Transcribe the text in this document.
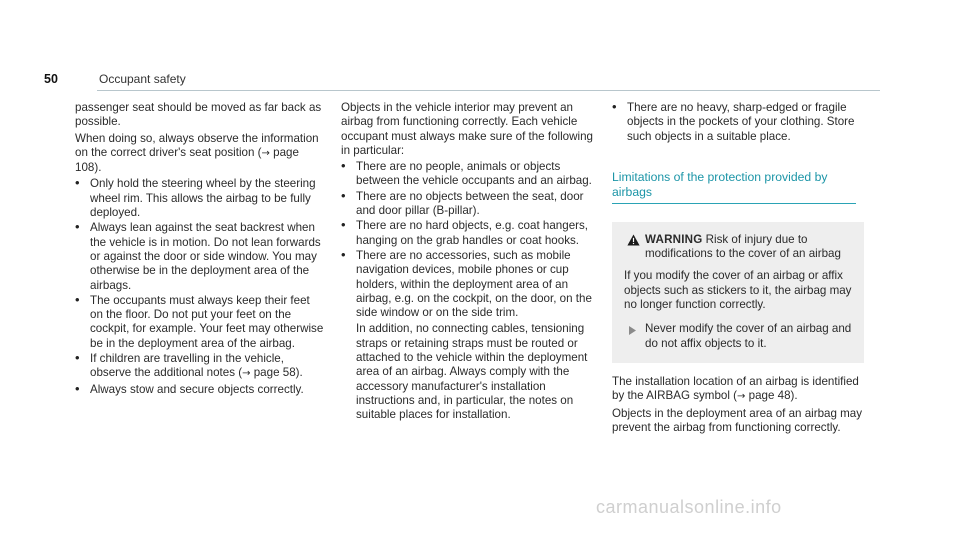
50	Occupant safety

passenger seat should be moved as far back as possible.

When doing so, always observe the information on the correct driver's seat position (→ page 108).

• Only hold the steering wheel by the steering wheel rim. This allows the airbag to be fully deployed.
• Always lean against the seat backrest when the vehicle is in motion. Do not lean forwards or against the door or side window. You may otherwise be in the deployment area of the airbags.
• The occupants must always keep their feet on the floor. Do not put your feet on the cockpit, for example. Your feet may otherwise be in the deployment area of the airbag.
• If children are travelling in the vehicle, observe the additional notes (→ page 58).
• Always stow and secure objects correctly.

Objects in the vehicle interior may prevent an airbag from functioning correctly. Each vehicle occupant must always make sure of the following in particular:

• There are no people, animals or objects between the vehicle occupants and an airbag.
• There are no objects between the seat, door and door pillar (B-pillar).
• There are no hard objects, e.g. coat hangers, hanging on the grab handles or coat hooks.
• There are no accessories, such as mobile navigation devices, mobile phones or cup holders, within the deployment area of an airbag, e.g. on the cockpit, on the door, on the side window or on the side trim.
In addition, no connecting cables, tensioning straps or retaining straps must be routed or attached to the vehicle within the deployment area of an airbag. Always comply with the accessory manufacturer's installation instructions and, in particular, the notes on suitable places for installation.
• There are no heavy, sharp-edged or fragile objects in the pockets of your clothing. Store such objects in a suitable place.
Limitations of the protection provided by airbags
WARNING Risk of injury due to modifications to the cover of an airbag

If you modify the cover of an airbag or affix objects such as stickers to it, the airbag may no longer function correctly.

Never modify the cover of an airbag and do not affix objects to it.

The installation location of an airbag is identified by the AIRBAG symbol (→ page 48).

Objects in the deployment area of an airbag may prevent the airbag from functioning correctly.

carmanualsonline.info
